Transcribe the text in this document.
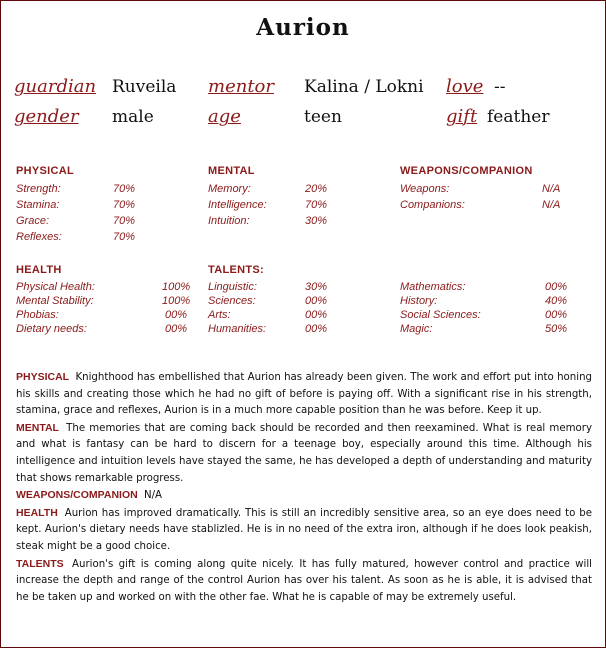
Aurion
guardian Ruveila mentor Kalina / Lokni love --
gender male	age	teen	gift feather
PHYSICAL
Strength:	70%
Stamina:	70%
Grace:	70%
Reflexes:	70%
MENTAL
Memory:	20%
Intelligence:	70%
Intuition:	30%
WEAPONS/COMPANION
Weapons:	N/A
Companions:	N/A
HEALTH
Physical Health:	100%
Mental Stability:	100%
Phobias:	00%
Dietary needs:	00%
TALENTS:
Linguistic:	30%
Sciences:	00%
Arts:	00%
Humanities:	00%
Mathematics:	00%
History:	40%
Social Sciences:	00%
Magic:	50%

PHYSICAL Knighthood has embellished that Aurion has already been given. The work and effort put into honing his skills and creating those which he had no gift of before is paying off. With a significant rise in his strength, stamina, grace and reflexes, Aurion is in a much more capable position than he was before. Keep it up.

MENTAL The memories that are coming back should be recorded and then reexamined. What is real memory and what is fantasy can be hard to discern for a teenage boy, especially around this time. Although his intelligence and intuition levels have stayed the same, he has developed a depth of understanding and maturity that shows remarkable progress.

WEAPONS/COMPANION N/A

HEALTH Aurion has improved dramatically. This is still an incredibly sensitive area, so an eye does need to be kept. Aurion's dietary needs have stablizled. He is in no need of the extra iron, although if he does look peakish, steak might be a good choice.

TALENTS Aurion's gift is coming along quite nicely. It has fully matured, however control and practice will increase the depth and range of the control Aurion has over his talent. As soon as he is able, it is advised that he be taken up and worked on with the other fae. What he is capable of may be extremely useful.
